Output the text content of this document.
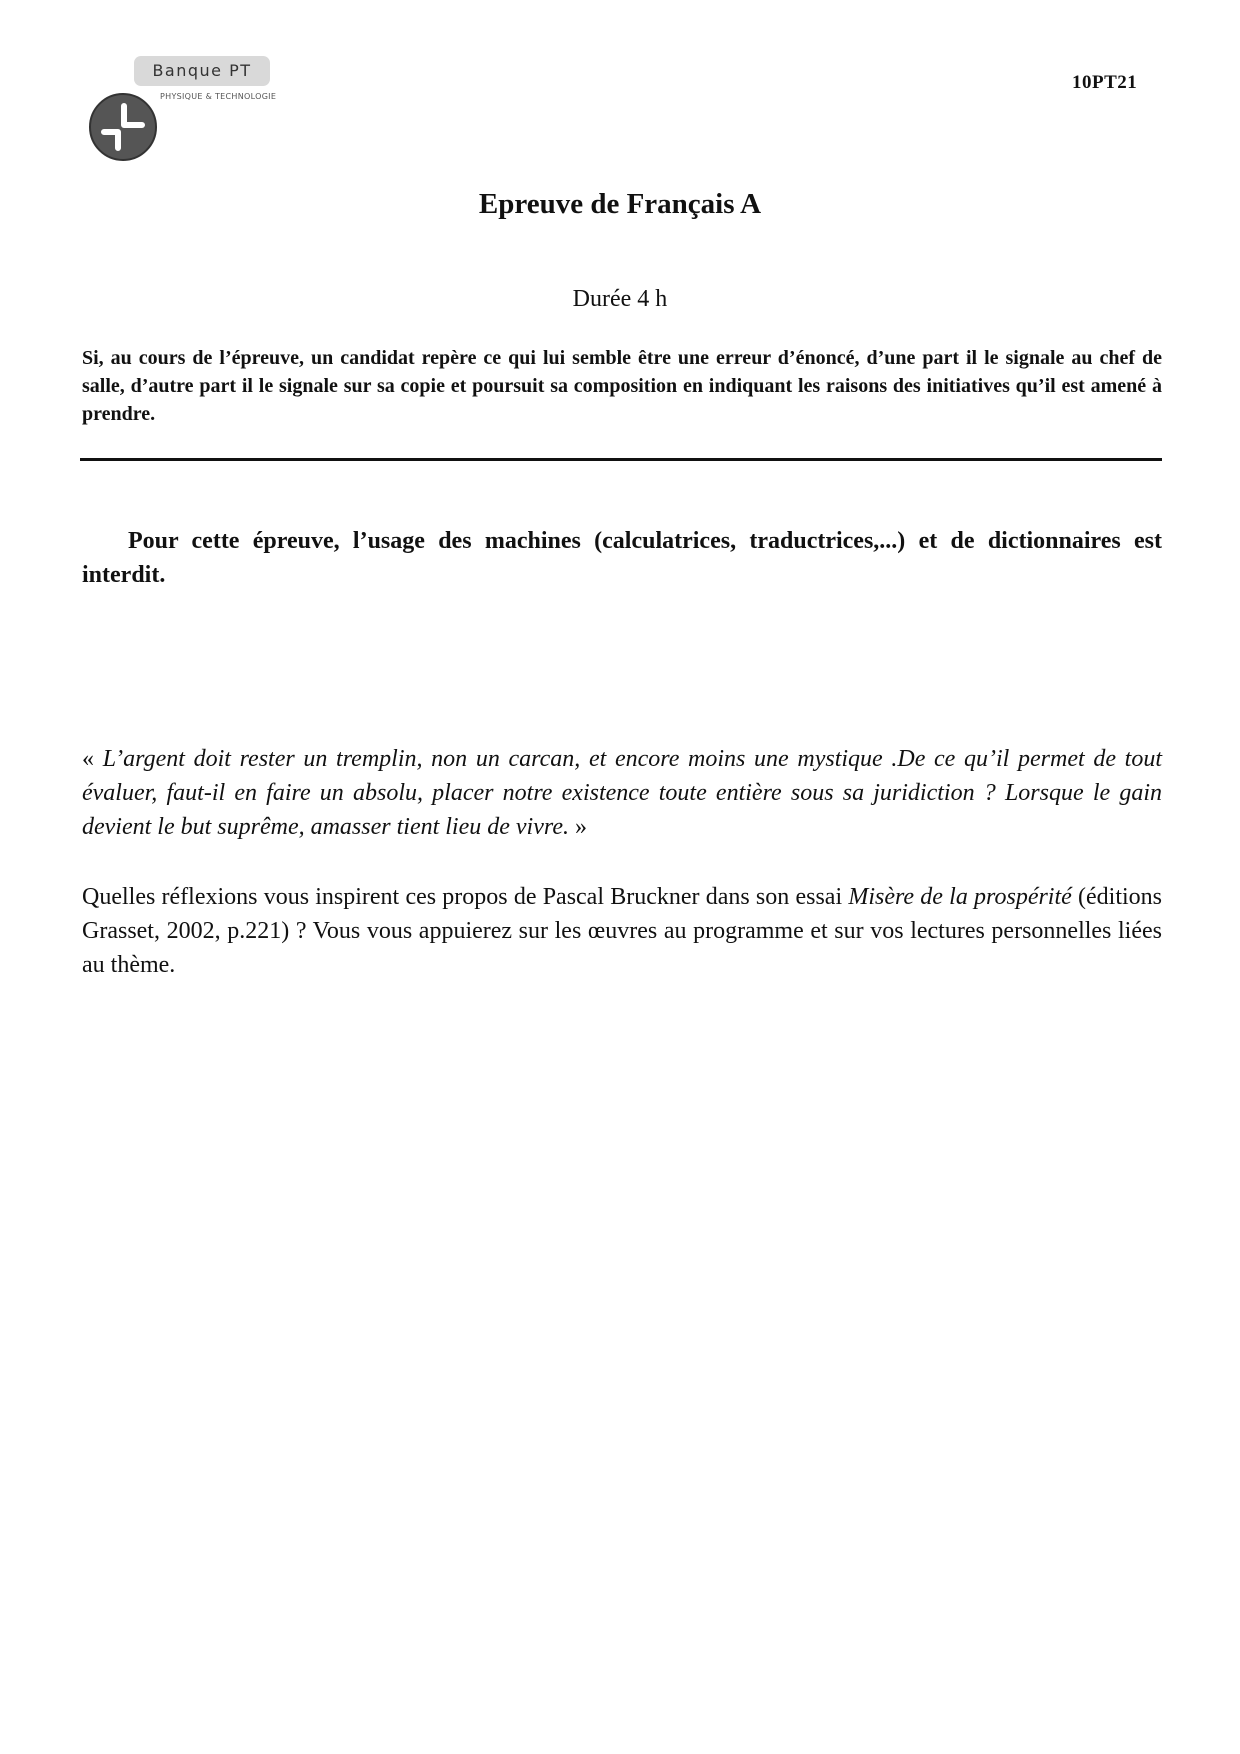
Banque PT
PHYSIQUE & TECHNOLOGIE
10PT21
Epreuve de Français A
Durée 4 h

Si, au cours de l’épreuve, un candidat repère ce qui lui semble être une erreur d’énoncé, d’une part il le signale au chef de salle, d’autre part il le signale sur sa copie et poursuit sa composition en indiquant les raisons des initiatives qu’il est amené à prendre.

Pour cette épreuve, l’usage des machines (calculatrices, traductrices,...) et de dictionnaires est interdit.

« L’argent doit rester un tremplin, non un carcan, et encore moins une mystique .De ce qu’il permet de tout évaluer, faut-il en faire un absolu, placer notre existence toute entière sous sa juridiction ? Lorsque le gain devient le but suprême, amasser tient lieu de vivre. »

Quelles réflexions vous inspirent ces propos de Pascal Bruckner dans son essai Misère de la prospérité (éditions Grasset, 2002, p.221) ? Vous vous appuierez sur les œuvres au programme et sur vos lectures personnelles liées au thème.
